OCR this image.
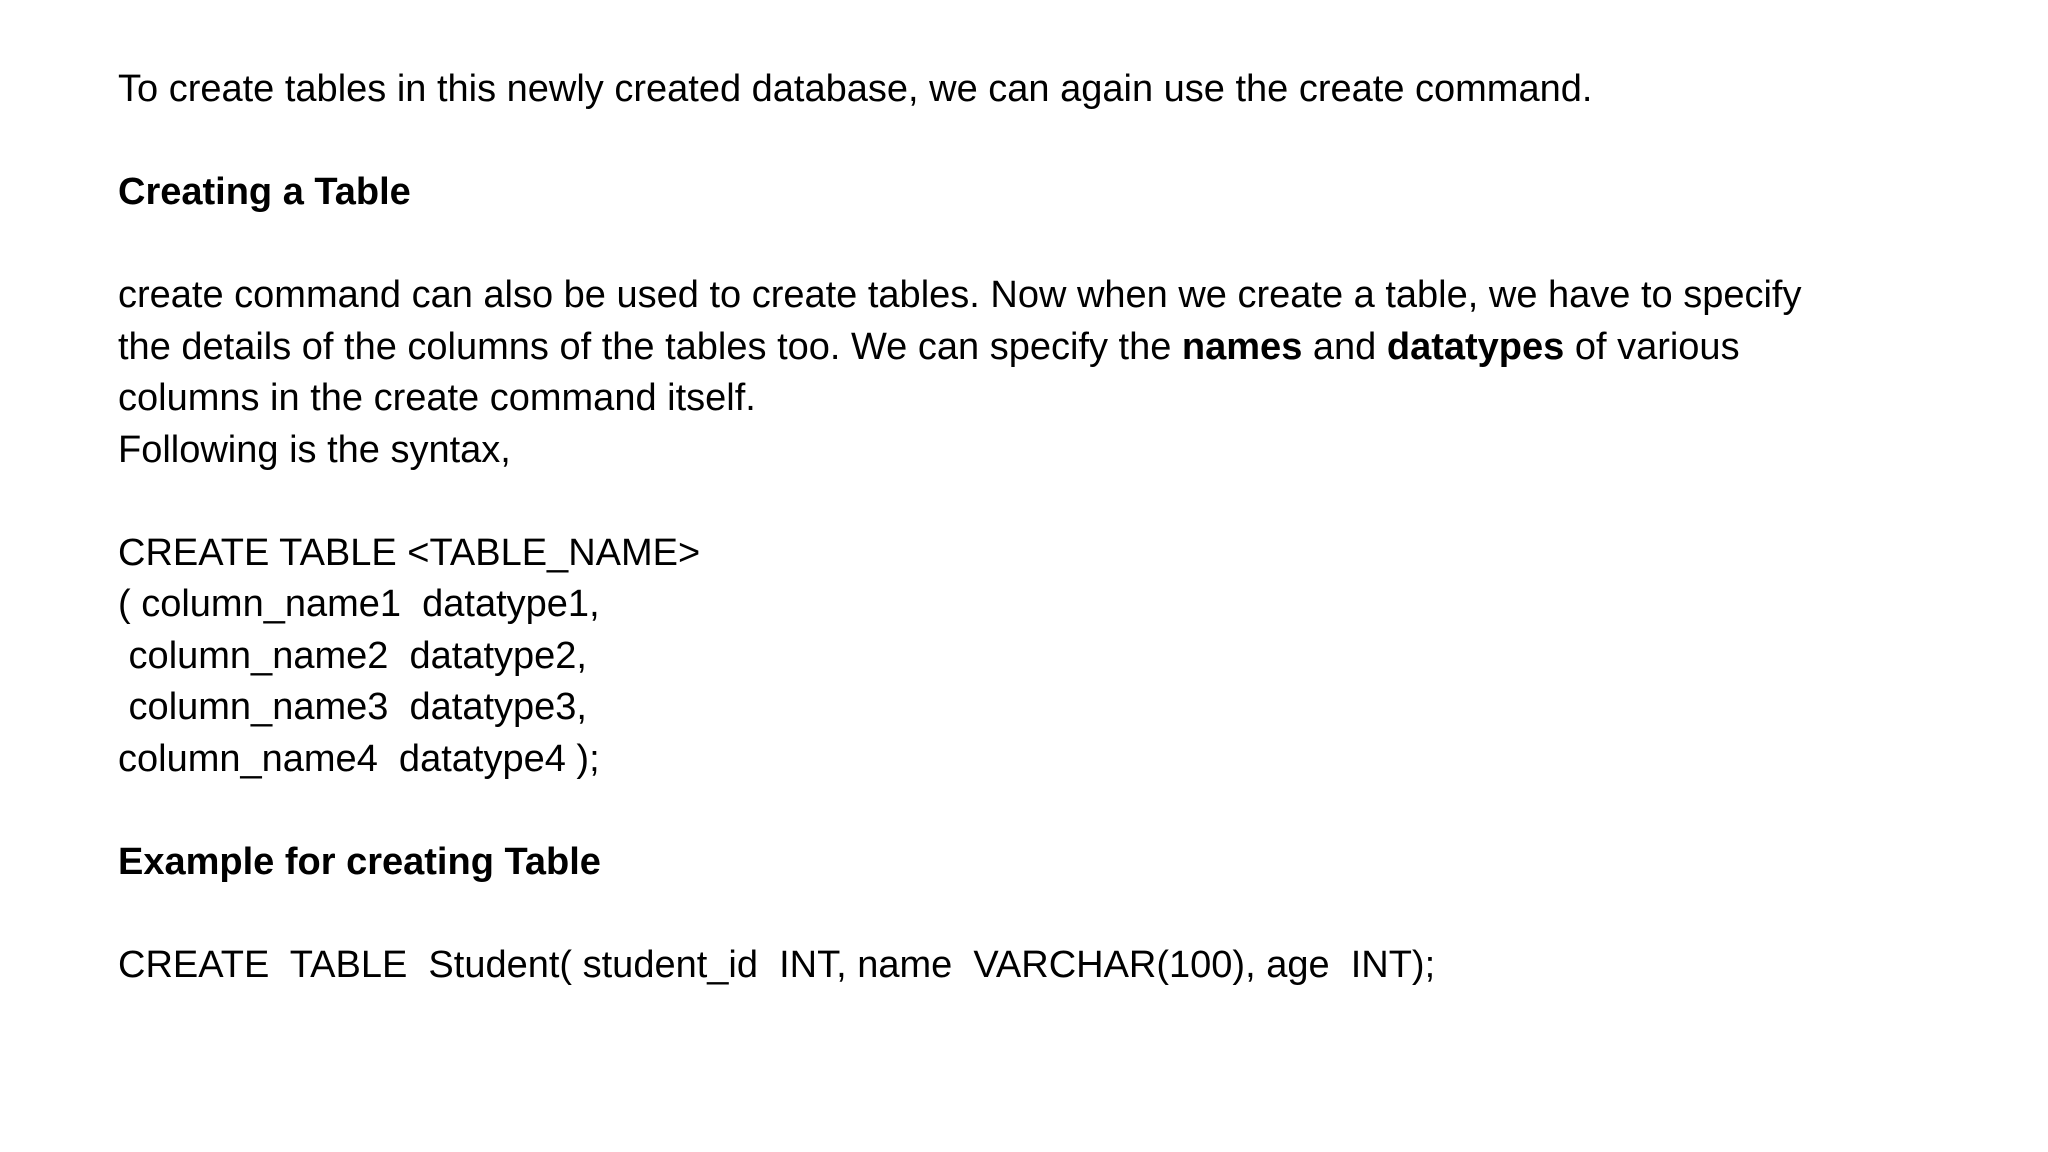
To create tables in this newly created database, we can again use the create command.
Creating a Table
create command can also be used to create tables. Now when we create a table, we have to specify
the details of the columns of the tables too. We can specify the names and datatypes of various
columns in the create command itself.
Following is the syntax,
CREATE TABLE <TABLE_NAME>
( column_name1  datatype1,
column_name2  datatype2,
column_name3  datatype3,
column_name4  datatype4 );
Example for creating Table
CREATE  TABLE  Student( student_id  INT, name  VARCHAR(100), age  INT);
